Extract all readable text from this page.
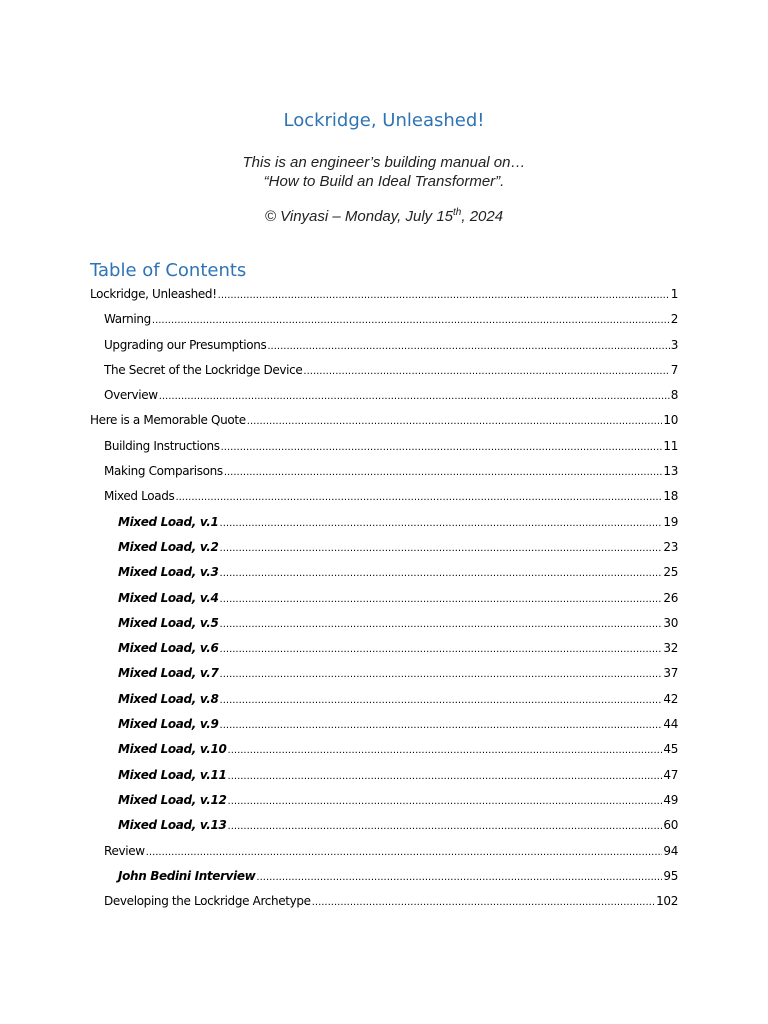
Lockridge, Unleashed!
This is an engineer’s building manual on…
“How to Build an Ideal Transformer”.
© Vinyasi – Monday, July 15th, 2024
Table of Contents
Lockridge, Unleashed! .....	1
Warning .....	2
Upgrading our Presumptions .....	3
The Secret of the Lockridge Device .....	7
Overview .....	8
Here is a Memorable Quote .....	10
Building Instructions .....	11
Making Comparisons .....	13
Mixed Loads .....	18
Mixed Load, v.1 .....	19
Mixed Load, v.2 .....	23
Mixed Load, v.3 .....	25
Mixed Load, v.4 .....	26
Mixed Load, v.5 .....	30
Mixed Load, v.6 .....	32
Mixed Load, v.7 .....	37
Mixed Load, v.8 .....	42
Mixed Load, v.9 .....	44
Mixed Load, v.10 .....	45
Mixed Load, v.11 .....	47
Mixed Load, v.12 .....	49
Mixed Load, v.13 .....	60
Review .....	94
John Bedini Interview .....	95
Developing the Lockridge Archetype .....	102
